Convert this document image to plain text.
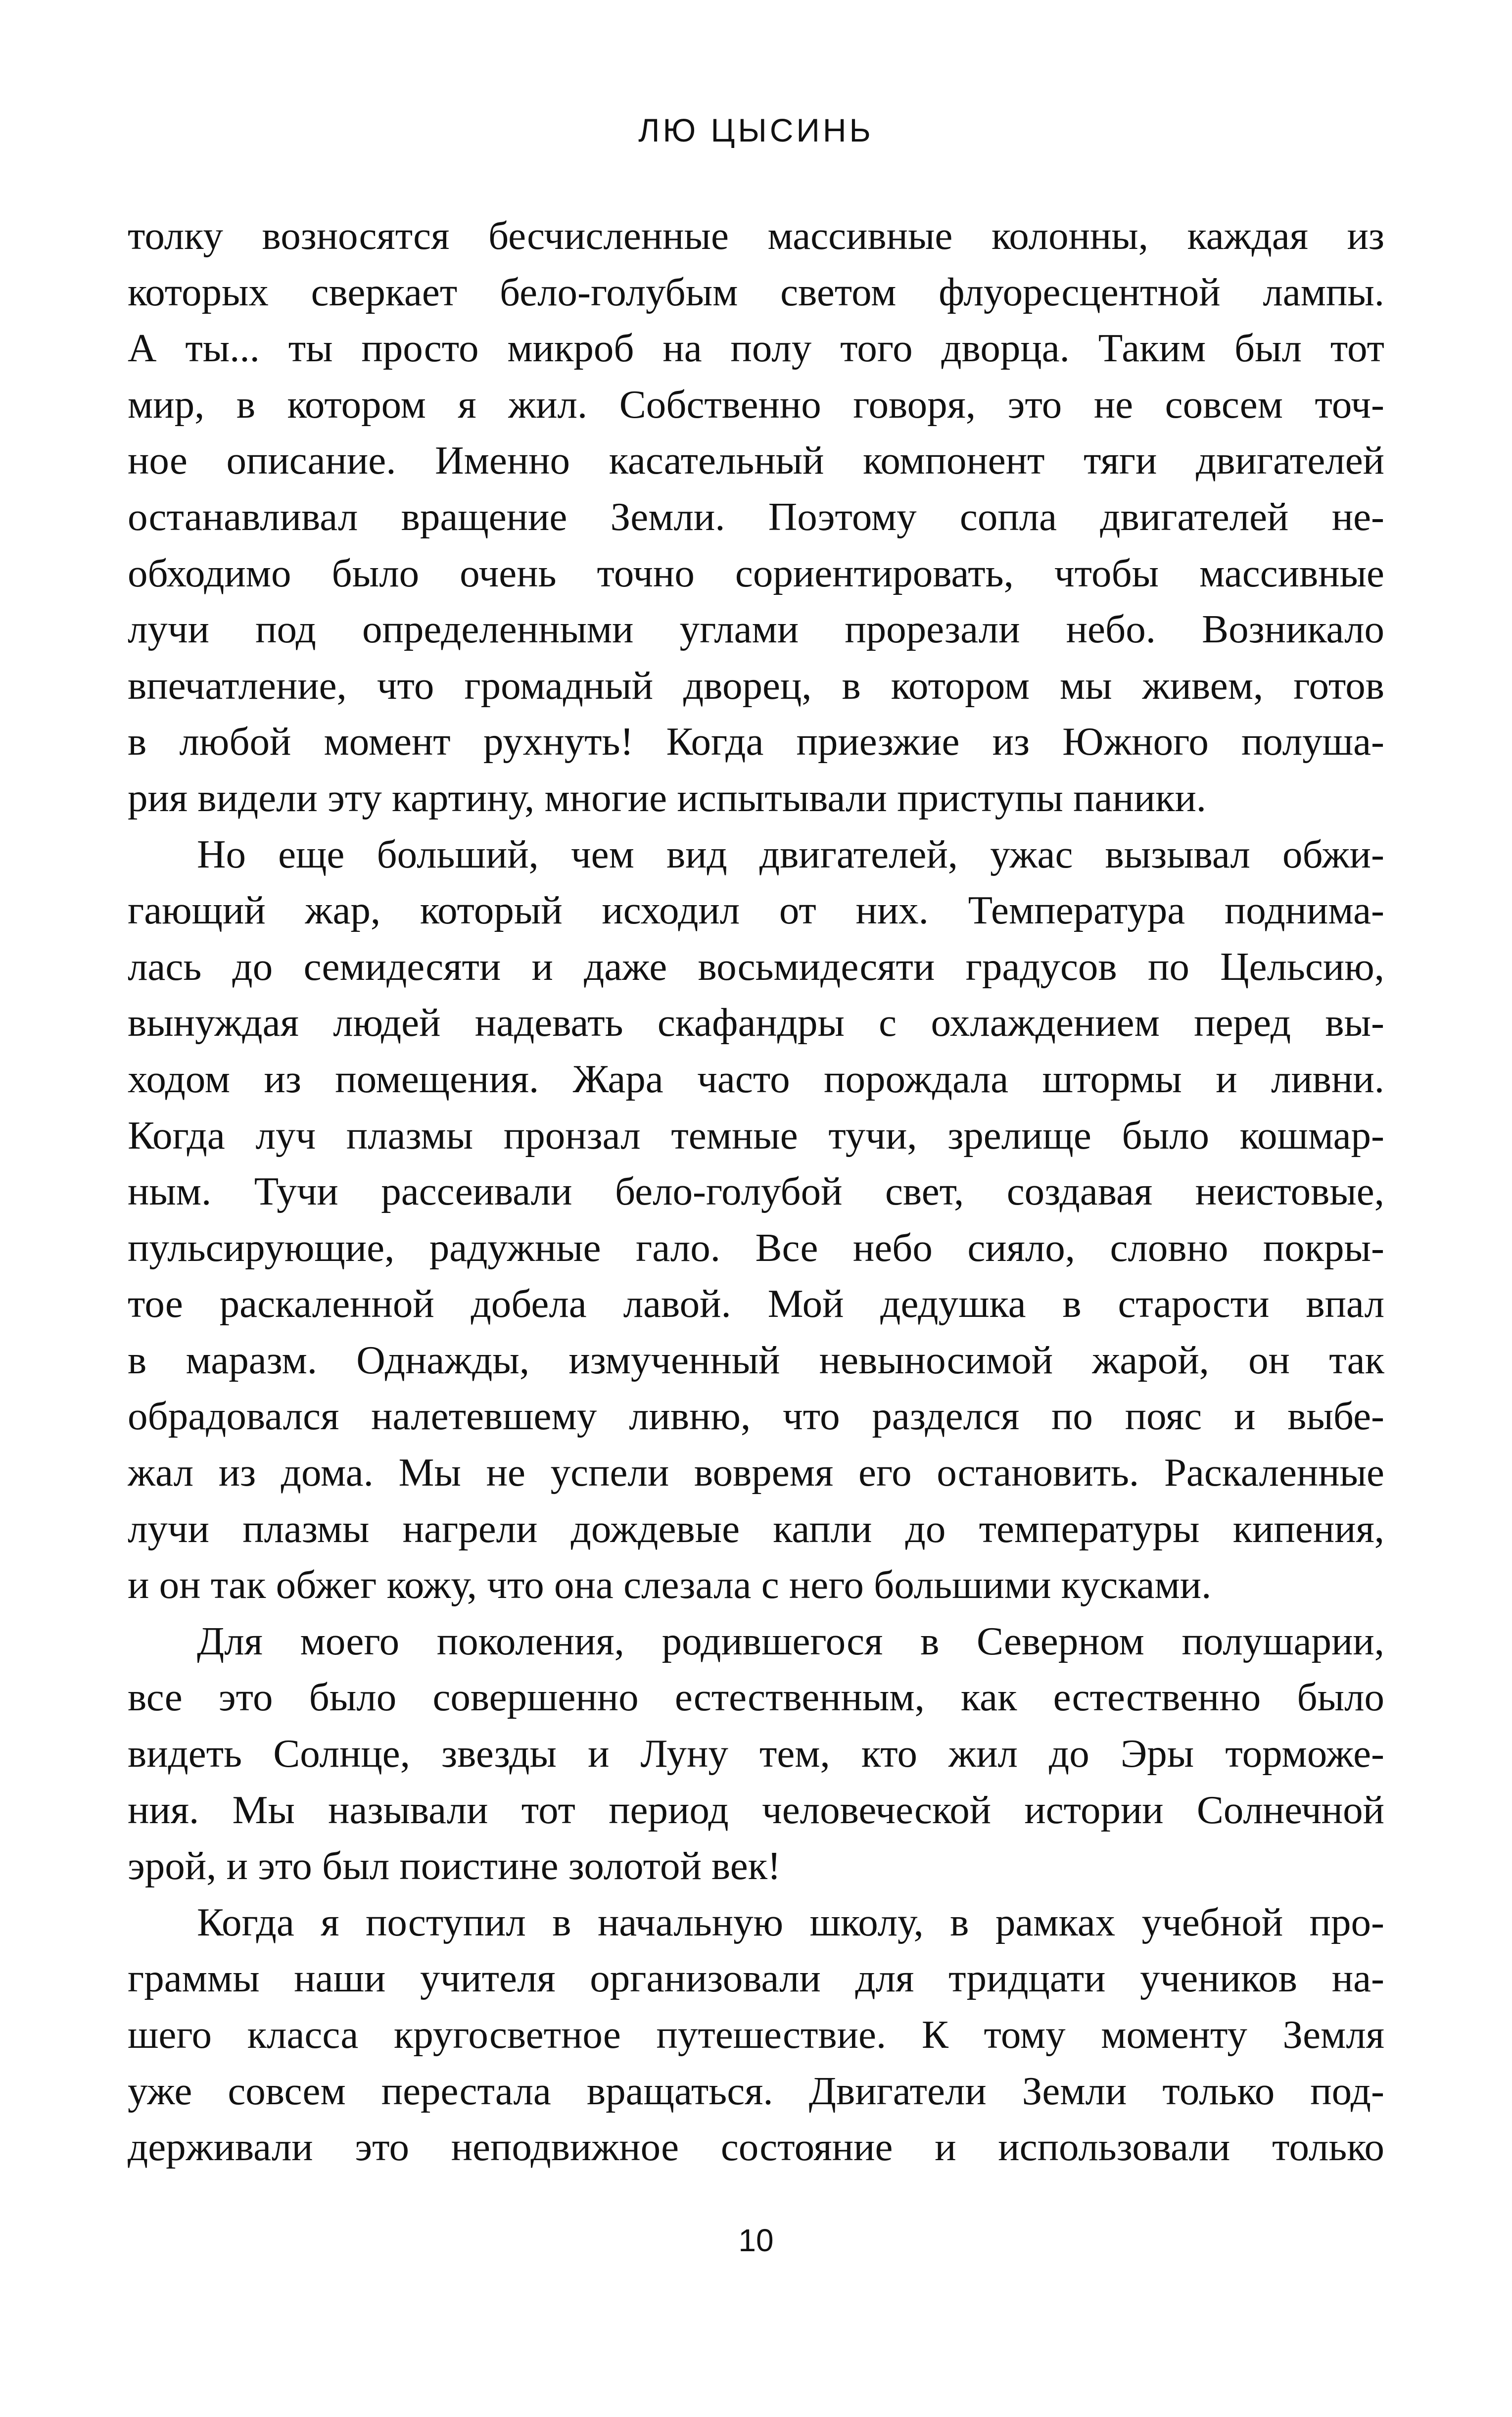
ЛЮ ЦЫСИНЬ
толку возносятся бесчисленные массивные колонны, каждая из
которых сверкает бело-голубым светом флуоресцентной лампы.
А ты... ты просто микроб на полу того дворца. Таким был тот
мир, в котором я жил. Собственно говоря, это не совсем точ-
ное описание. Именно касательный компонент тяги двигателей
останавливал вращение Земли. Поэтому сопла двигателей не-
обходимо было очень точно сориентировать, чтобы массивные
лучи под определенными углами прорезали небо. Возникало
впечатление, что громадный дворец, в котором мы живем, готов
в любой момент рухнуть! Когда приезжие из Южного полуша-
рия видели эту картину, многие испытывали приступы паники.
Но еще больший, чем вид двигателей, ужас вызывал обжи-
гающий жар, который исходил от них. Температура поднима-
лась до семидесяти и даже восьмидесяти градусов по Цельсию,
вынуждая людей надевать скафандры с охлаждением перед вы-
ходом из помещения. Жара часто порождала штормы и ливни.
Когда луч плазмы пронзал темные тучи, зрелище было кошмар-
ным. Тучи рассеивали бело-голубой свет, создавая неистовые,
пульсирующие, радужные гало. Все небо сияло, словно покры-
тое раскаленной добела лавой. Мой дедушка в старости впал
в маразм. Однажды, измученный невыносимой жарой, он так
обрадовался налетевшему ливню, что разделся по пояс и выбе-
жал из дома. Мы не успели вовремя его остановить. Раскаленные
лучи плазмы нагрели дождевые капли до температуры кипения,
и он так обжег кожу, что она слезала с него большими кусками.
Для моего поколения, родившегося в Северном полушарии,
все это было совершенно естественным, как естественно было
видеть Солнце, звезды и Луну тем, кто жил до Эры торможе-
ния. Мы называли тот период человеческой истории Солнечной
эрой, и это был поистине золотой век!
Когда я поступил в начальную школу, в рамках учебной про-
граммы наши учителя организовали для тридцати учеников на-
шего класса кругосветное путешествие. К тому моменту Земля
уже совсем перестала вращаться. Двигатели Земли только под-
держивали это неподвижное состояние и использовали только
10
